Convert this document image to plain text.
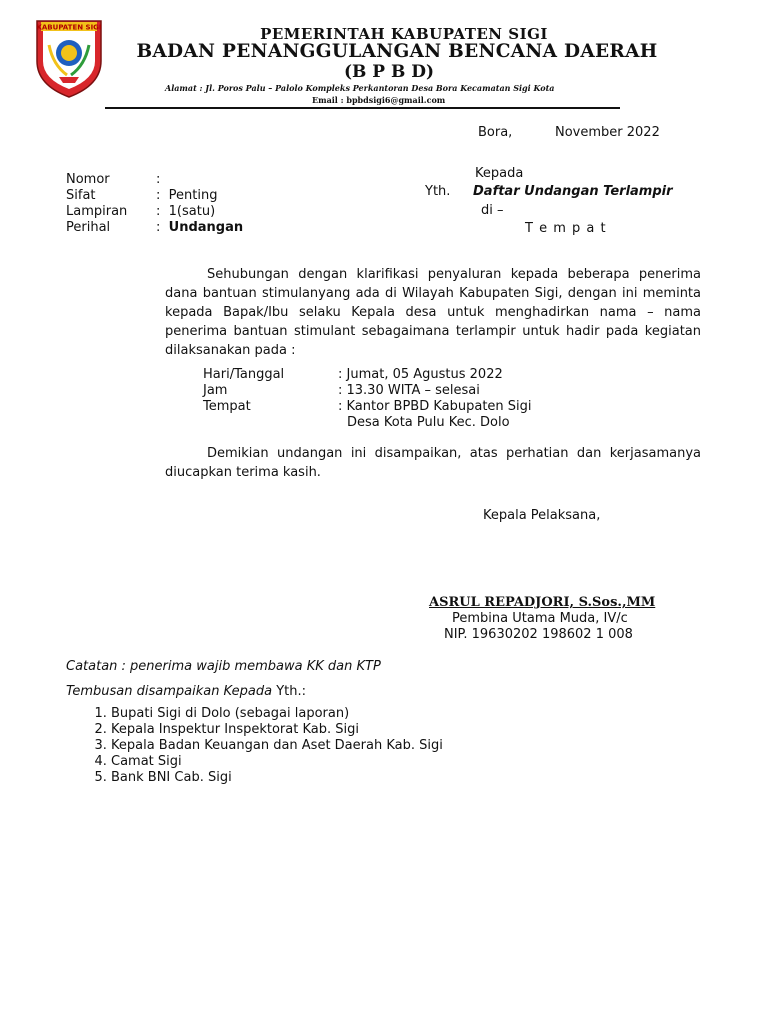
KABUPATEN SIGI	PEMERINTAH KABUPATEN SIGI
BADAN PENANGGULANGAN BENCANA DAERAH
(B P B D)
Alamat : Jl. Poros Palu – Palolo Kompleks Perkantoran Desa Bora Kecamatan Sigi Kota
Email : bpbdsigi6@gmail.com
Bora,	November 2022
Nomor	:
Sifat	:  Penting
Lampiran :  1(satu)
Perihal	: Undangan
Kepada
Yth. Daftar Undangan Terlampir
di –
T e m p a t
Sehubungan dengan klarifikasi penyaluran kepada beberapa penerima dana bantuan stimulanyang ada di Wilayah Kabupaten Sigi, dengan ini meminta kepada Bapak/Ibu selaku Kepala desa untuk menghadirkan nama – nama penerima bantuan stimulant sebagaimana terlampir untuk hadir pada kegiatan dilaksanakan pada :
Hari/Tanggal	: Jumat, 05 Agustus 2022
Jam	: 13.30 WITA – selesai
Tempat	: Kantor BPBD Kabupaten Sigi
Desa Kota Pulu Kec. Dolo
Demikian undangan ini disampaikan, atas perhatian dan kerjasamanya diucapkan terima kasih.
Kepala Pelaksana,
ASRUL REPADJORI, S.Sos.,MM
Pembina Utama Muda, IV/c
NIP. 19630202 198602 1 008
Catatan : penerima wajib membawa KK dan KTP
Tembusan disampaikan Kepada Yth.:
1. Bupati Sigi di Dolo (sebagai laporan)
2. Kepala Inspektur Inspektorat Kab. Sigi
3. Kepala Badan Keuangan dan Aset Daerah Kab. Sigi
4. Camat Sigi
5. Bank BNI Cab. Sigi
